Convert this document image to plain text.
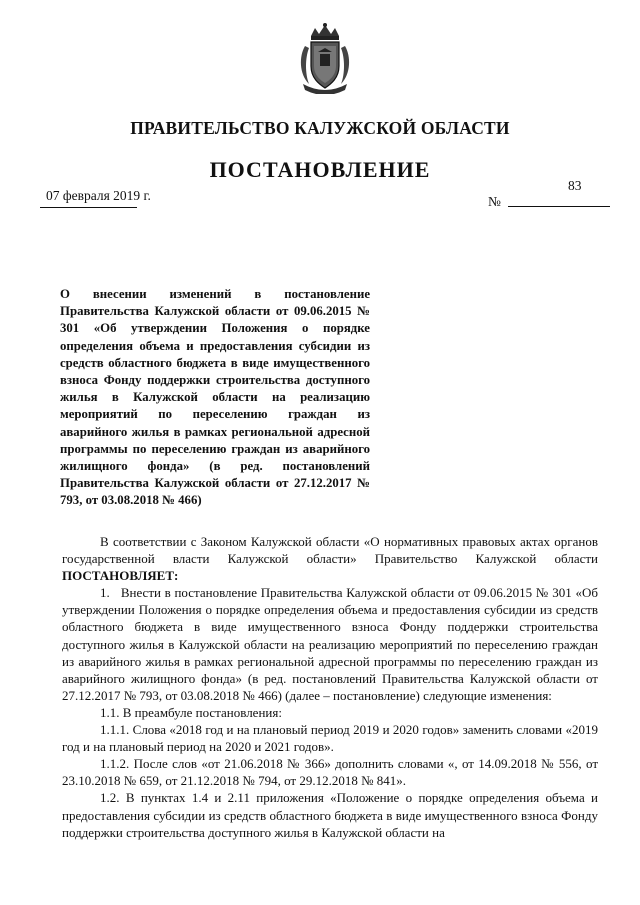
ПРАВИТЕЛЬСТВО КАЛУЖСКОЙ ОБЛАСТИ
ПОСТАНОВЛЕНИЕ
07 февраля 2019 г.
83
№
О внесении изменений в постановление Правительства Калужской области от 09.06.2015 № 301 «Об утверждении Положения о порядке определения объема и предоставления субсидии из средств областного бюджета в виде имущественного взноса Фонду поддержки строительства доступного жилья в Калужской области на реализацию мероприятий по переселению граждан из аварийного жилья в рамках региональной адресной программы по переселению граждан из аварийного жилищного фонда» (в ред. постановлений Правительства Калужской области от 27.12.2017 № 793, от 03.08.2018 № 466)

В соответствии с Законом Калужской области «О нормативных правовых актах органов государственной власти Калужской области» Правительство Калужской области ПОСТАНОВЛЯЕТ:

1.   Внести в постановление Правительства Калужской области от 09.06.2015 № 301 «Об утверждении Положения о порядке определения объема и предоставления субсидии из средств областного бюджета в виде имущественного взноса Фонду поддержки строительства доступного жилья в Калужской области на реализацию мероприятий по переселению граждан из аварийного жилья в рамках региональной адресной программы по переселению граждан из аварийного жилищного фонда» (в ред. постановлений Правительства Калужской области от 27.12.2017 № 793, от 03.08.2018 № 466) (далее – постановление) следующие изменения:

1.1. В преамбуле постановления:

1.1.1. Слова «2018 год и на плановый период 2019 и 2020 годов» заменить словами «2019 год и на плановый период на 2020 и 2021 годов».

1.1.2. После слов «от 21.06.2018 № 366» дополнить словами «, от 14.09.2018 № 556, от 23.10.2018 № 659, от 21.12.2018 № 794, от 29.12.2018 № 841».

1.2. В пунктах 1.4 и 2.11 приложения «Положение о порядке определения объема и предоставления субсидии из средств областного бюджета в виде имущественного взноса Фонду поддержки строительства доступного жилья в Калужской области на
